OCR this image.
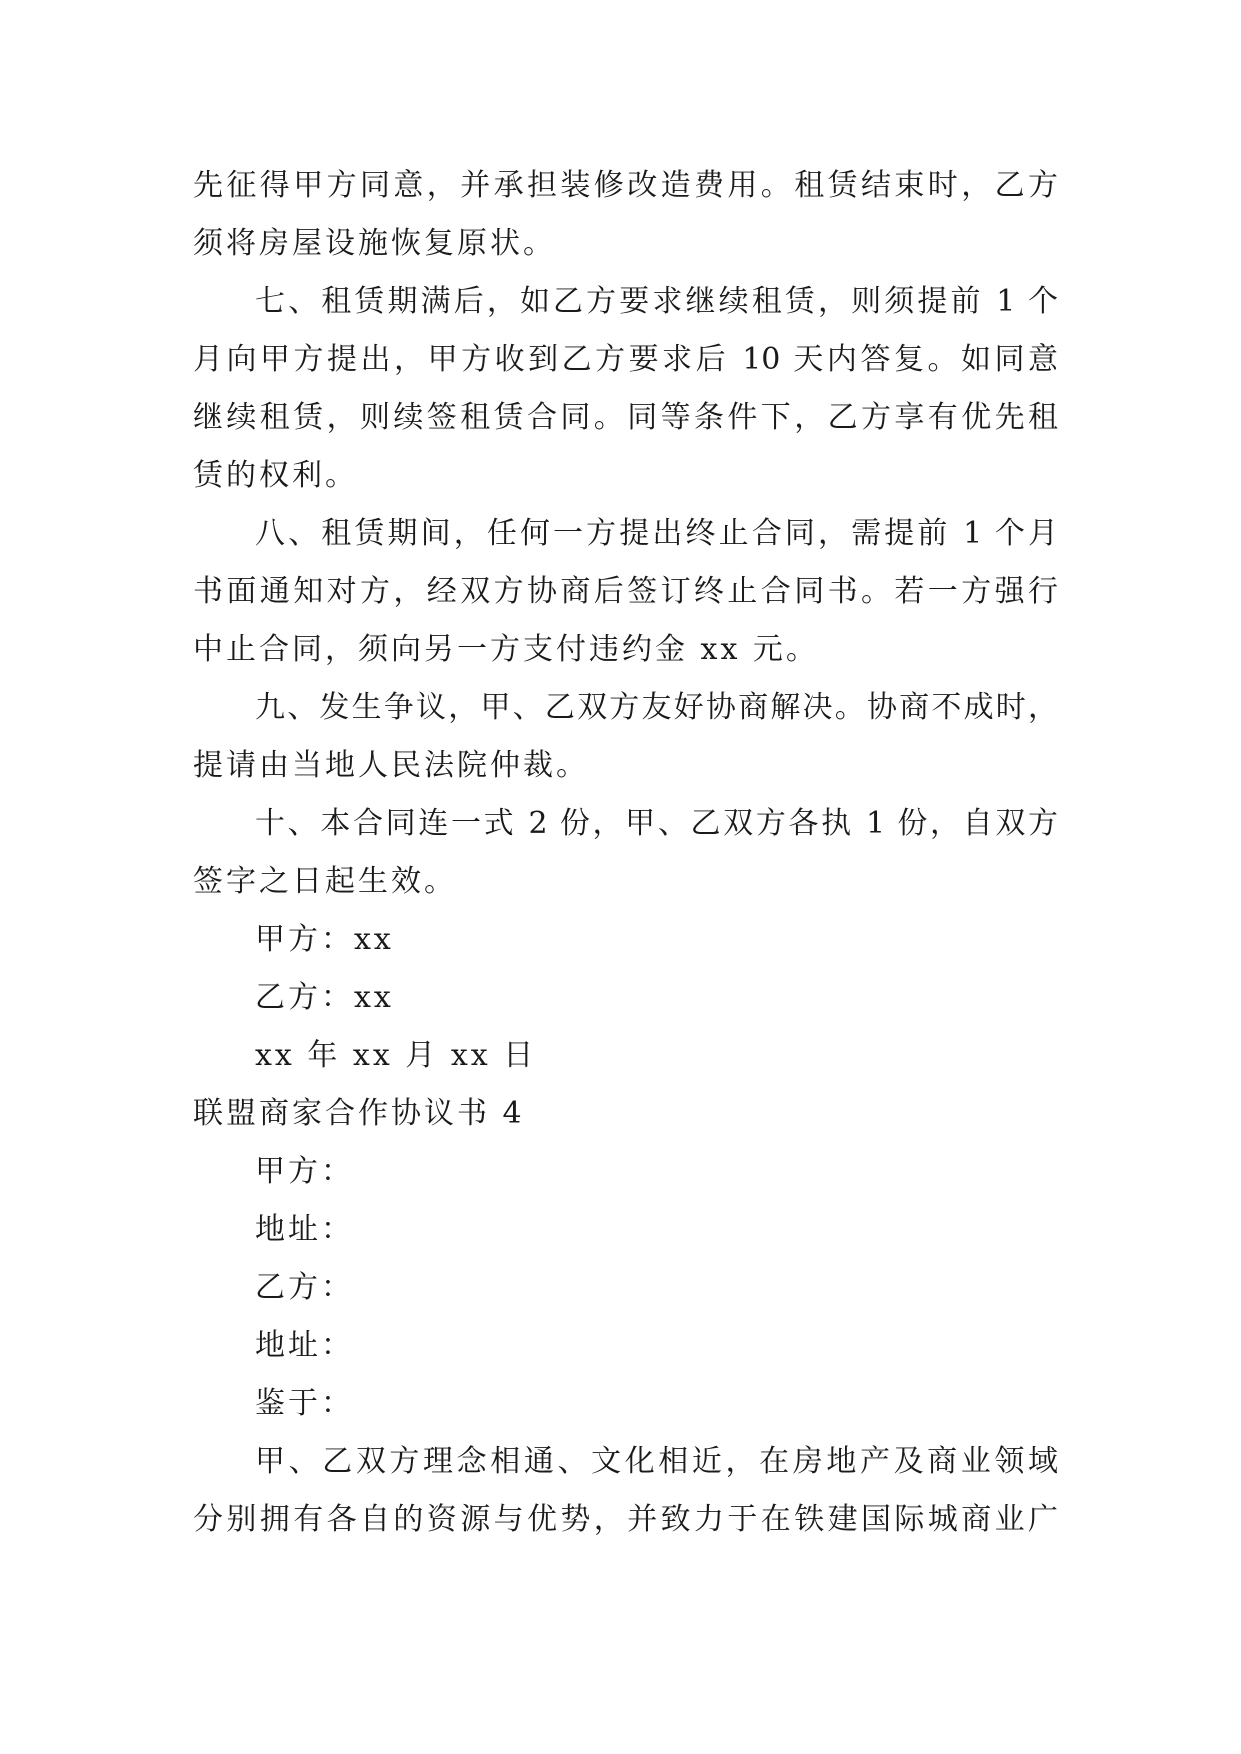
先征得甲方同意，并承担装修改造费用。租赁结束时，乙方
须将房屋设施恢复原状。
七、租赁期满后，如乙方要求继续租赁，则须提前 1 个
月向甲方提出，甲方收到乙方要求后 10 天内答复。如同意
继续租赁，则续签租赁合同。同等条件下，乙方享有优先租
赁的权利。
八、租赁期间，任何一方提出终止合同，需提前 1 个月
书面通知对方，经双方协商后签订终止合同书。若一方强行
中止合同，须向另一方支付违约金 xx 元。
九、发生争议，甲、乙双方友好协商解决。协商不成时，
提请由当地人民法院仲裁。
十、本合同连一式 2 份，甲、乙双方各执 1 份，自双方
签字之日起生效。
甲方：xx
乙方：xx
xx 年 xx 月 xx 日
联盟商家合作协议书 4
甲方：
地址：
乙方：
地址：
鉴于：
甲、乙双方理念相通、文化相近，在房地产及商业领域
分别拥有各自的资源与优势，并致力于在铁建国际城商业广
